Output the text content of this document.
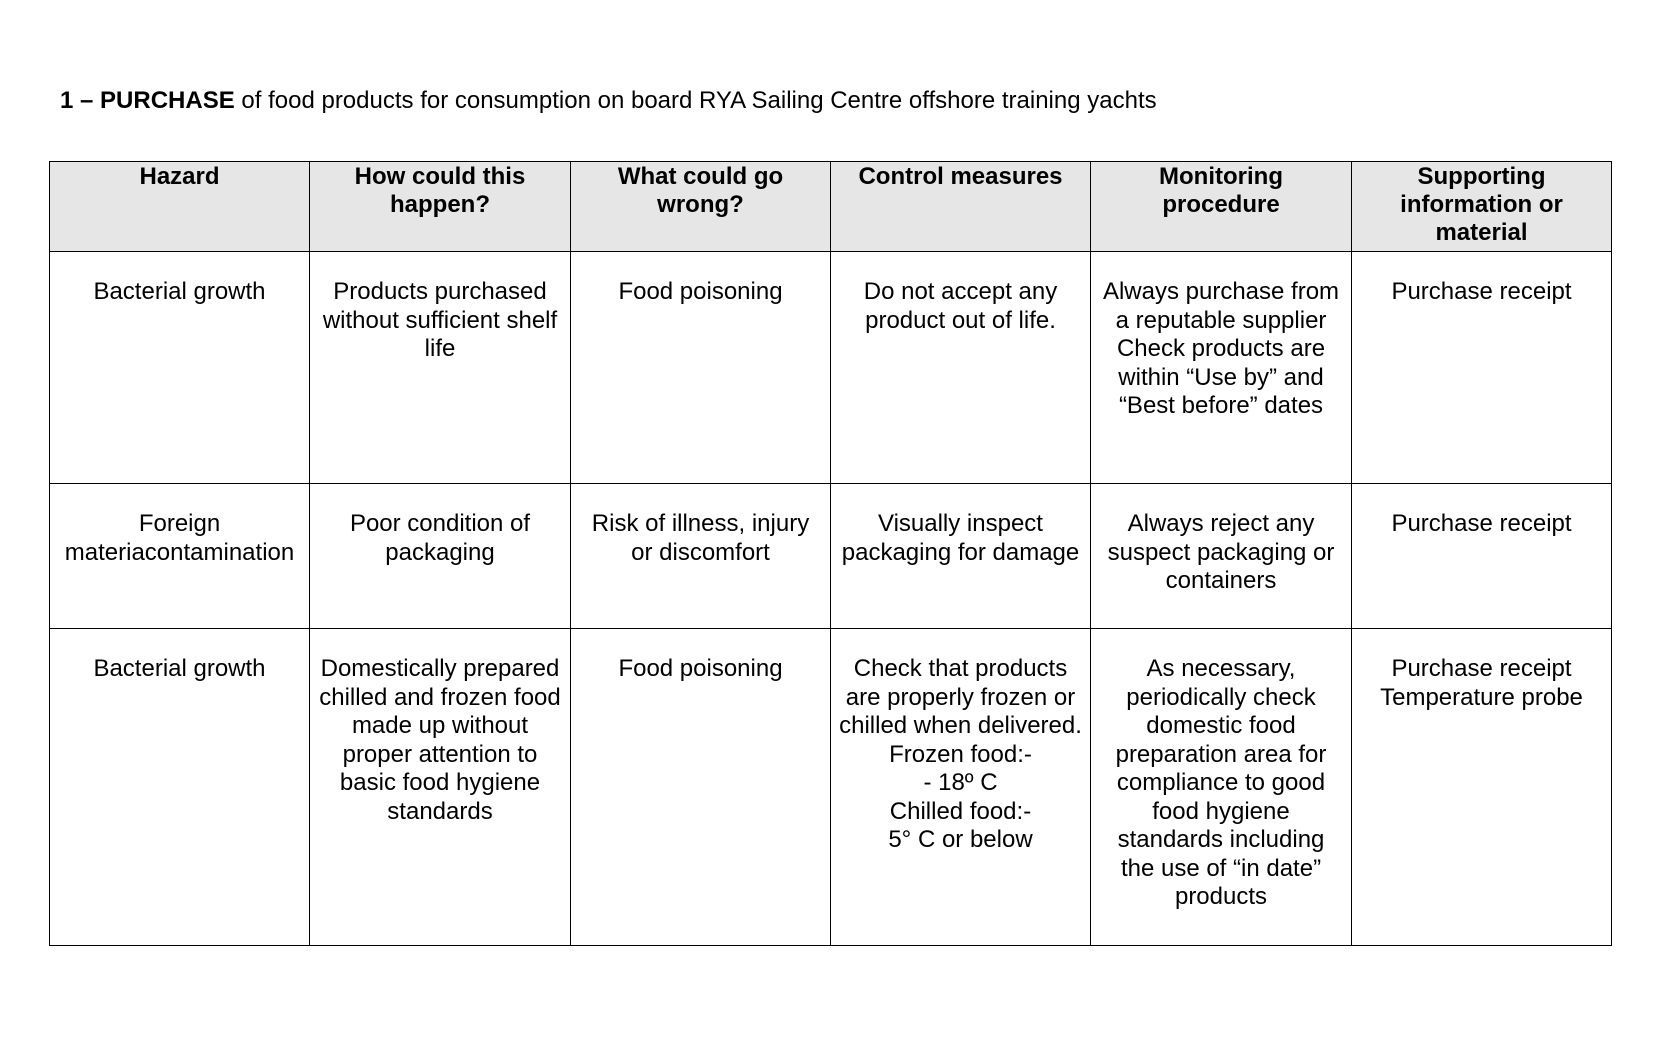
1 – PURCHASE of food products for consumption on board RYA Sailing Centre offshore training yachts
Hazard	How could this happen?	What could go wrong?	Control measures	Monitoring procedure	Supporting information or material
Bacterial growth	Products purchased without sufficient shelf life	Food poisoning	Do not accept any product out of life.	Always purchase from a reputable supplier Check products are within “Use by” and “Best before” dates	Purchase receipt
Foreign materiacontamination	Poor condition of packaging	Risk of illness, injury or discomfort	Visually inspect packaging for damage	Always reject any suspect packaging or containers	Purchase receipt
Bacterial growth	Domestically prepared chilled and frozen food made up without proper attention to basic food hygiene standards	Food poisoning	Check that products are properly frozen or chilled when delivered.
Frozen food:-
- 18º C
Chilled food:-
5° C or below	As necessary, periodically check domestic food preparation area for compliance to good food hygiene standards including the use of “in date” products	Purchase receipt
Temperature probe
